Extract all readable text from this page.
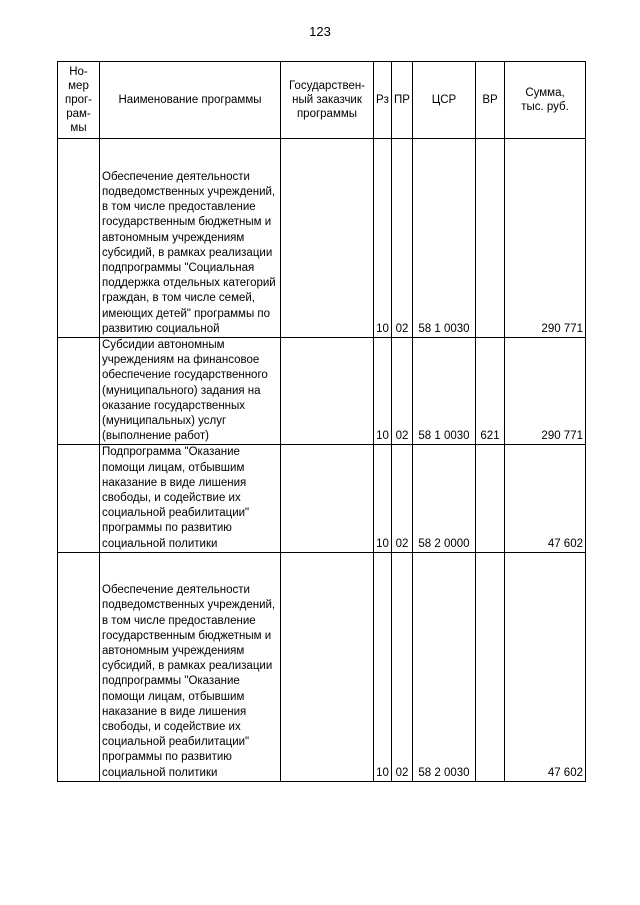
123
Но-
мер
прог-
рам-
мы	Наименование программы	Государствен-
ный заказчик
программы	Рз	ПР	ЦСР	ВР	Сумма,
тыс. руб.
	Обеспечение деятельности подведомственных учреждений, в том числе предоставление государственным бюджетным и автономным учреждениям субсидий, в рамках реализации подпрограммы "Социальная поддержка отдельных категорий граждан, в том числе семей, имеющих детей" программы по развитию социальной		10	02	58 1 0030		290 771
	Субсидии автономным учреждениям на финансовое обеспечение государственного (муниципального) задания на оказание государственных (муниципальных) услуг (выполнение работ)		10	02	58 1 0030	621	290 771
	Подпрограмма "Оказание помощи лицам, отбывшим наказание в виде лишения свободы, и содействие их социальной реабилитации" программы по развитию социальной политики		10	02	58 2 0000		47 602
	Обеспечение деятельности подведомственных учреждений, в том числе предоставление государственным бюджетным и автономным учреждениям субсидий, в рамках реализации подпрограммы "Оказание помощи лицам, отбывшим наказание в виде лишения свободы, и содействие их социальной реабилитации" программы по развитию социальной политики		10	02	58 2 0030		47 602
